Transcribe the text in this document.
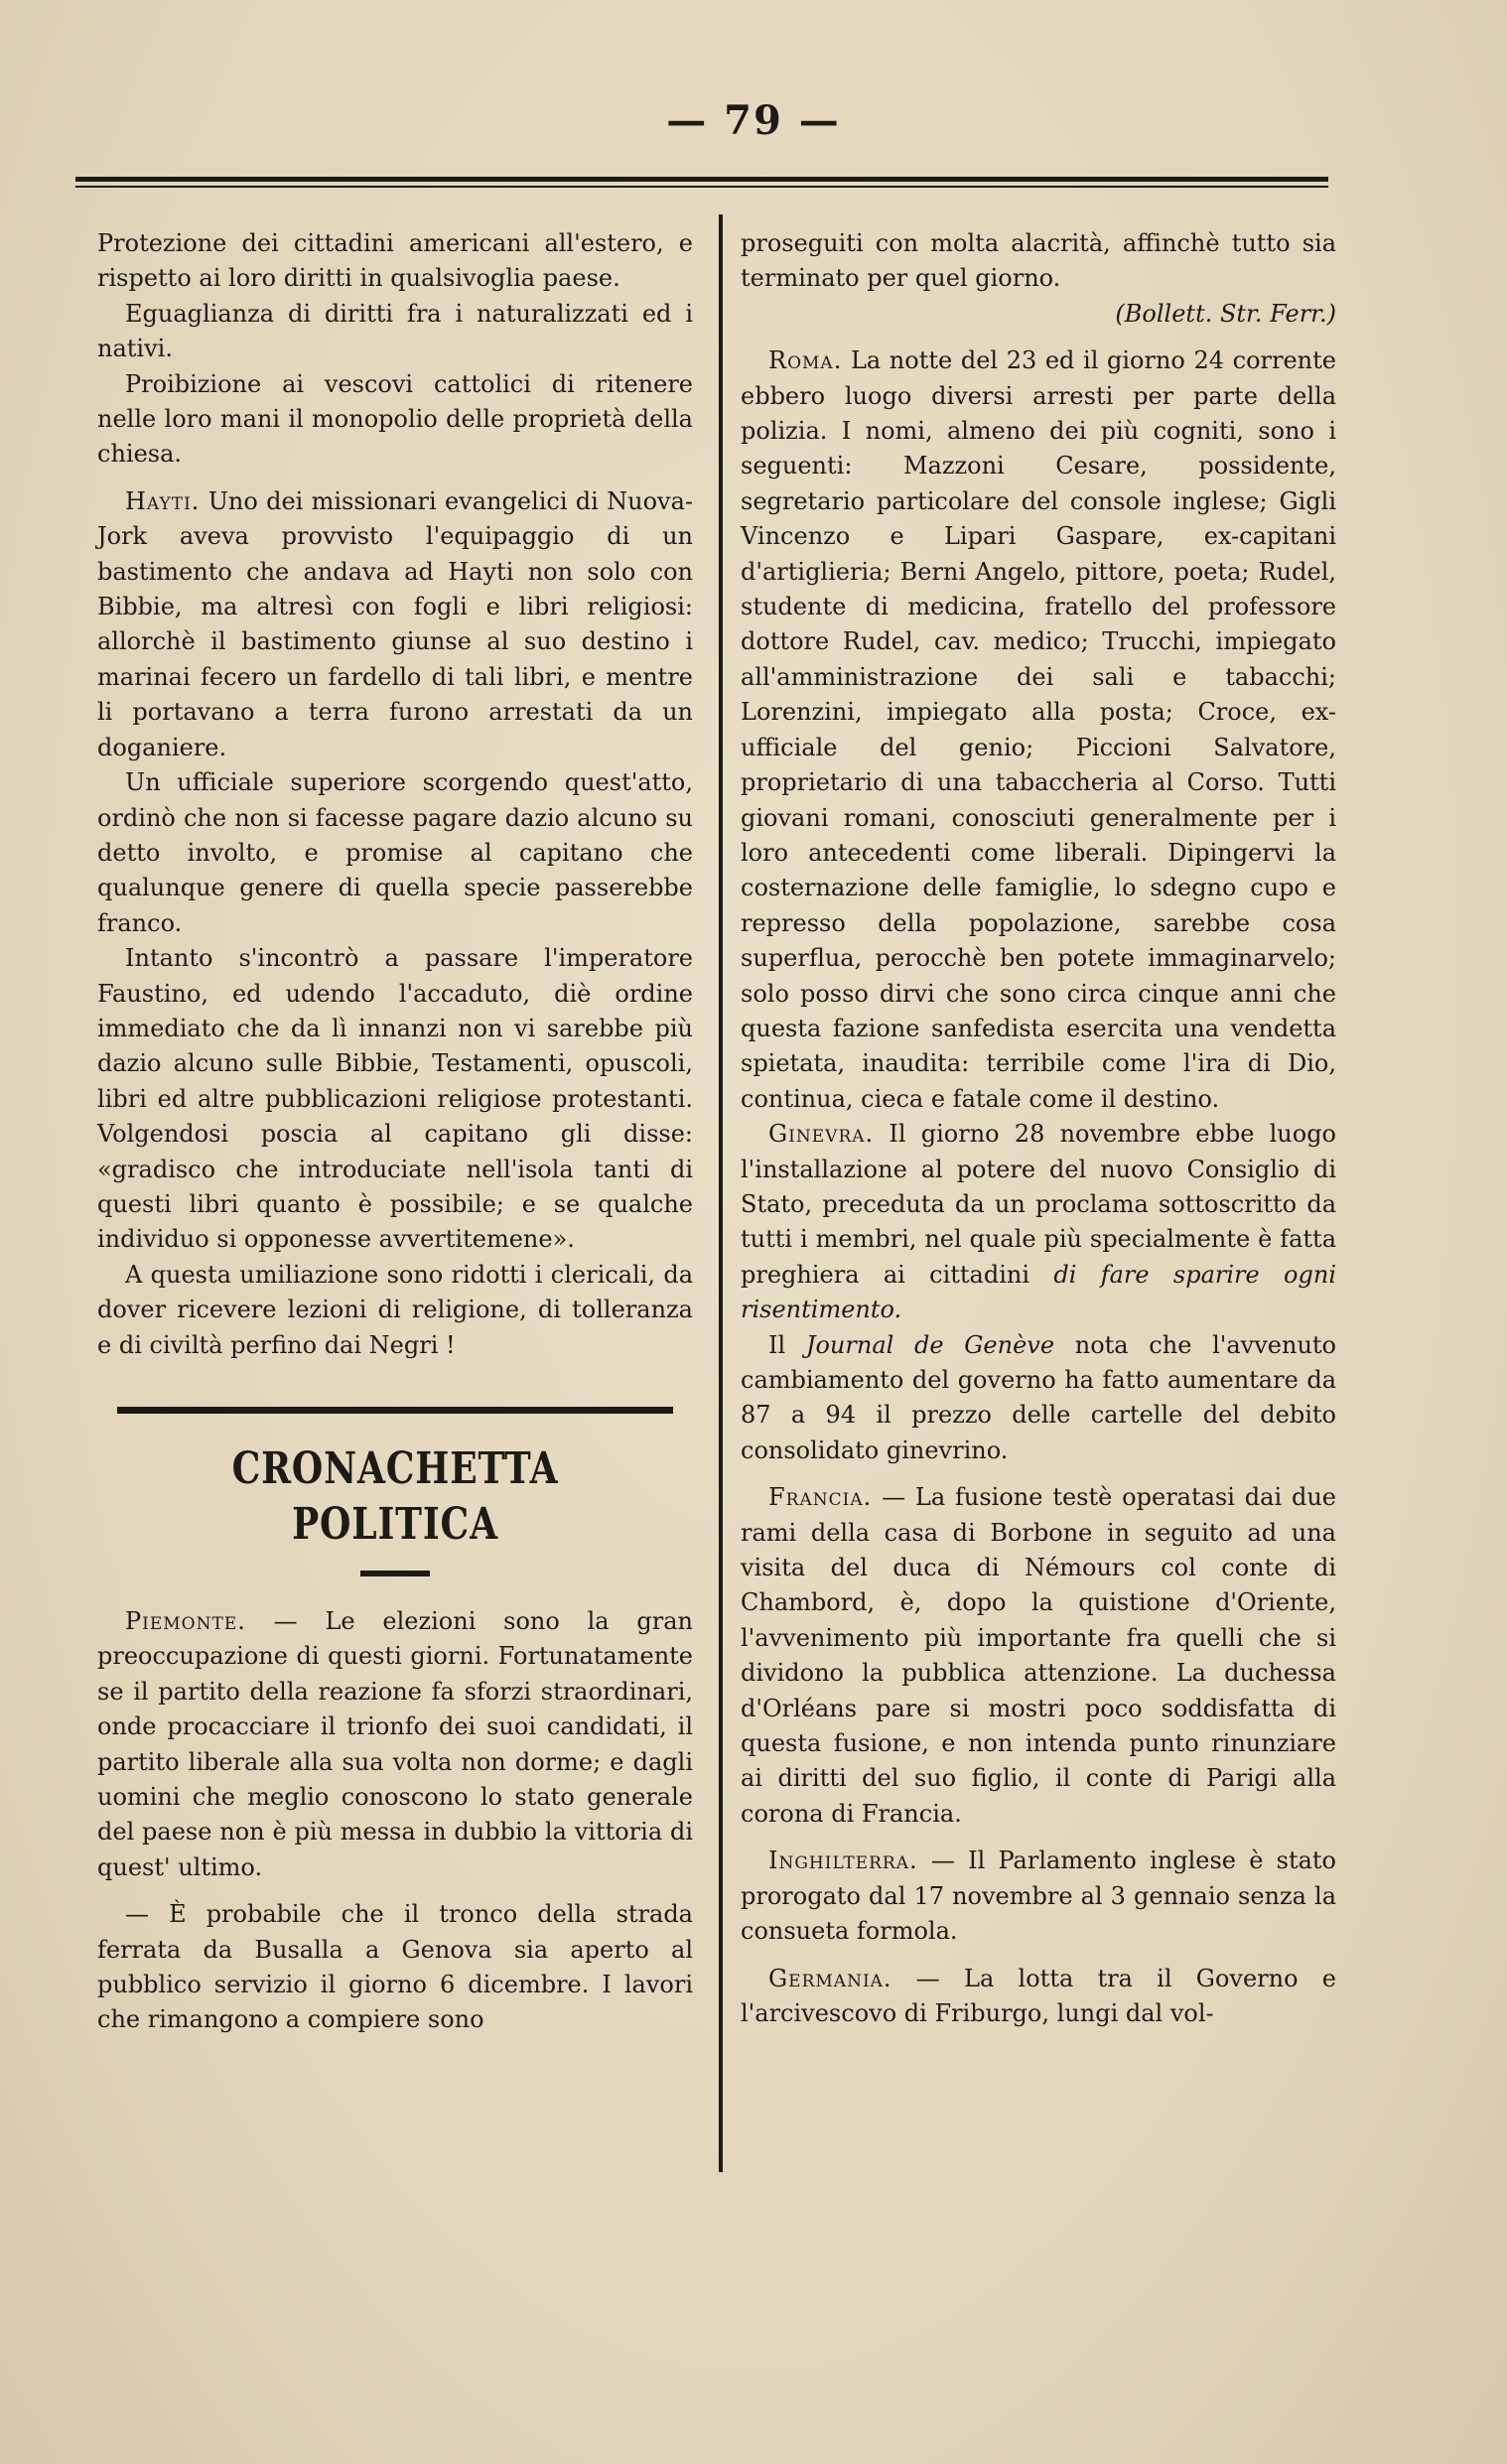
— 79 —

Protezione dei cittadini americani all'estero, e rispetto ai loro diritti in qualsivoglia paese.

Eguaglianza di diritti fra i naturalizzati ed i nativi.

Proibizione ai vescovi cattolici di ritenere nelle loro mani il monopolio delle proprietà della chiesa.

Hayti. Uno dei missionari evangelici di Nuova-Jork aveva provvisto l'equipaggio di un bastimento che andava ad Hayti non solo con Bibbie, ma altresì con fogli e libri religiosi: allorchè il bastimento giunse al suo destino i marinai fecero un fardello di tali libri, e mentre li portavano a terra furono arrestati da un doganiere.

Un ufficiale superiore scorgendo quest'atto, ordinò che non si facesse pagare dazio alcuno su detto involto, e promise al capitano che qualunque genere di quella specie passerebbe franco.

Intanto s'incontrò a passare l'imperatore Faustino, ed udendo l'accaduto, diè ordine immediato che da lì innanzi non vi sarebbe più dazio alcuno sulle Bibbie, Testamenti, opuscoli, libri ed altre pubblicazioni religiose protestanti. Volgendosi poscia al capitano gli disse: «gradisco che introduciate nell'isola tanti di questi libri quanto è possibile; e se qualche individuo si opponesse avvertitemene».

A questa umiliazione sono ridotti i clericali, da dover ricevere lezioni di religione, di tolleranza e di civiltà perfino dai Negri !

CRONACHETTA POLITICA

Piemonte. — Le elezioni sono la gran preoccupazione di questi giorni. Fortunatamente se il partito della reazione fa sforzi straordinari, onde procacciare il trionfo dei suoi candidati, il partito liberale alla sua volta non dorme; e dagli uomini che meglio conoscono lo stato generale del paese non è più messa in dubbio la vittoria di quest' ultimo.

— È probabile che il tronco della strada ferrata da Busalla a Genova sia aperto al pubblico servizio il giorno 6 dicembre. I lavori che rimangono a compiere sono

proseguiti con molta alacrità, affinchè tutto sia terminato per quel giorno.

(Bollett. Str. Ferr.)

Roma. La notte del 23 ed il giorno 24 corrente ebbero luogo diversi arresti per parte della polizia. I nomi, almeno dei più cogniti, sono i seguenti: Mazzoni Cesare, possidente, segretario particolare del console inglese; Gigli Vincenzo e Lipari Gaspare, ex-capitani d'artiglieria; Berni Angelo, pittore, poeta; Rudel, studente di medicina, fratello del professore dottore Rudel, cav. medico; Trucchi, impiegato all'amministrazione dei sali e tabacchi; Lorenzini, impiegato alla posta; Croce, ex-ufficiale del genio; Piccioni Salvatore, proprietario di una tabaccheria al Corso. Tutti giovani romani, conosciuti generalmente per i loro antecedenti come liberali. Dipingervi la costernazione delle famiglie, lo sdegno cupo e represso della popolazione, sarebbe cosa superflua, perocchè ben potete immaginarvelo; solo posso dirvi che sono circa cinque anni che questa fazione sanfedista esercita una vendetta spietata, inaudita: terribile come l'ira di Dio, continua, cieca e fatale come il destino.

Ginevra. Il giorno 28 novembre ebbe luogo l'installazione al potere del nuovo Consiglio di Stato, preceduta da un proclama sottoscritto da tutti i membri, nel quale più specialmente è fatta preghiera ai cittadini di fare sparire ogni risentimento.

Il Journal de Genève nota che l'avvenuto cambiamento del governo ha fatto aumentare da 87 a 94 il prezzo delle cartelle del debito consolidato ginevrino.

Francia. — La fusione testè operatasi dai due rami della casa di Borbone in seguito ad una visita del duca di Némours col conte di Chambord, è, dopo la quistione d'Oriente, l'avvenimento più importante fra quelli che si dividono la pubblica attenzione. La duchessa d'Orléans pare si mostri poco soddisfatta di questa fusione, e non intenda punto rinunziare ai diritti del suo figlio, il conte di Parigi alla corona di Francia.

Inghilterra. — Il Parlamento inglese è stato prorogato dal 17 novembre al 3 gennaio senza la consueta formola.

Germania. — La lotta tra il Governo e l'arcivescovo di Friburgo, lungi dal vol-
